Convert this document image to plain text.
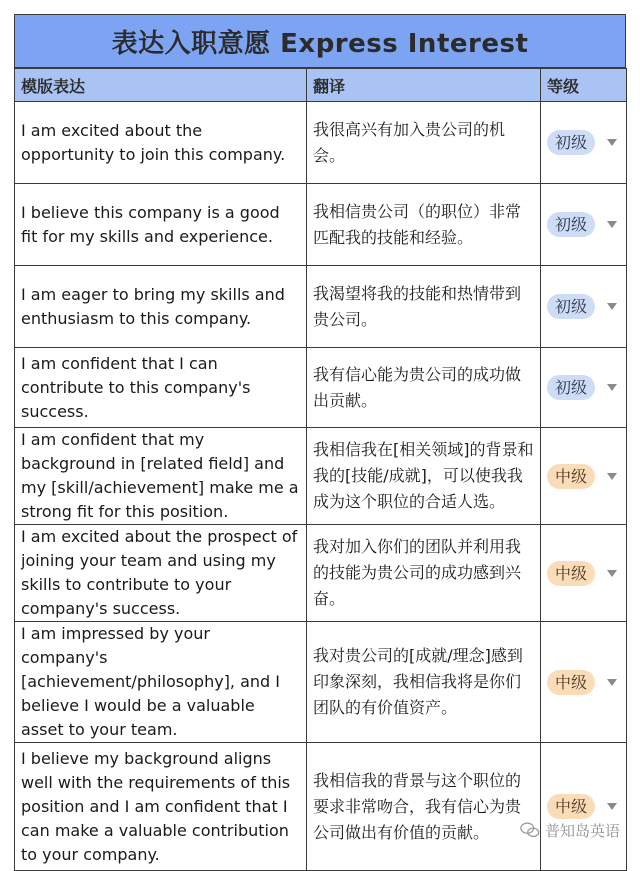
表达入职意愿 Express Interest
模版表达	翻译	等级
I am excited about the opportunity to join this company.	我很高兴有加入贵公司的机会。	初级

I believe this company is a good fit for my skills and experience.	我相信贵公司（的职位）非常匹配我的技能和经验。	初级

I am eager to bring my skills and enthusiasm to this company.	我渴望将我的技能和热情带到贵公司。	初级

I am confident that I can contribute to this company's success.	我有信心能为贵公司的成功做出贡献。	初级

I am confident that my background in [related field] and my [skill/achievement] make me a strong fit for this position.	我相信我在[相关领域]的背景和我的[技能/成就]，可以使我我成为这个职位的合适人选。	中级

I am excited about the prospect of joining your team and using my skills to contribute to your company's success.	我对加入你们的团队并利用我的技能为贵公司的成功感到兴奋。	中级

I am impressed by your company's [achievement/philosophy], and I believe I would be a valuable asset to your team.	我对贵公司的[成就/理念]感到印象深刻，我相信我将是你们团队的有价值资产。	中级

I believe my background aligns well with the requirements of this position and I am confident that I can make a valuable contribution to your company.	我相信我的背景与这个职位的要求非常吻合，我有信心为贵公司做出有价值的贡献。	中级
普知岛英语
